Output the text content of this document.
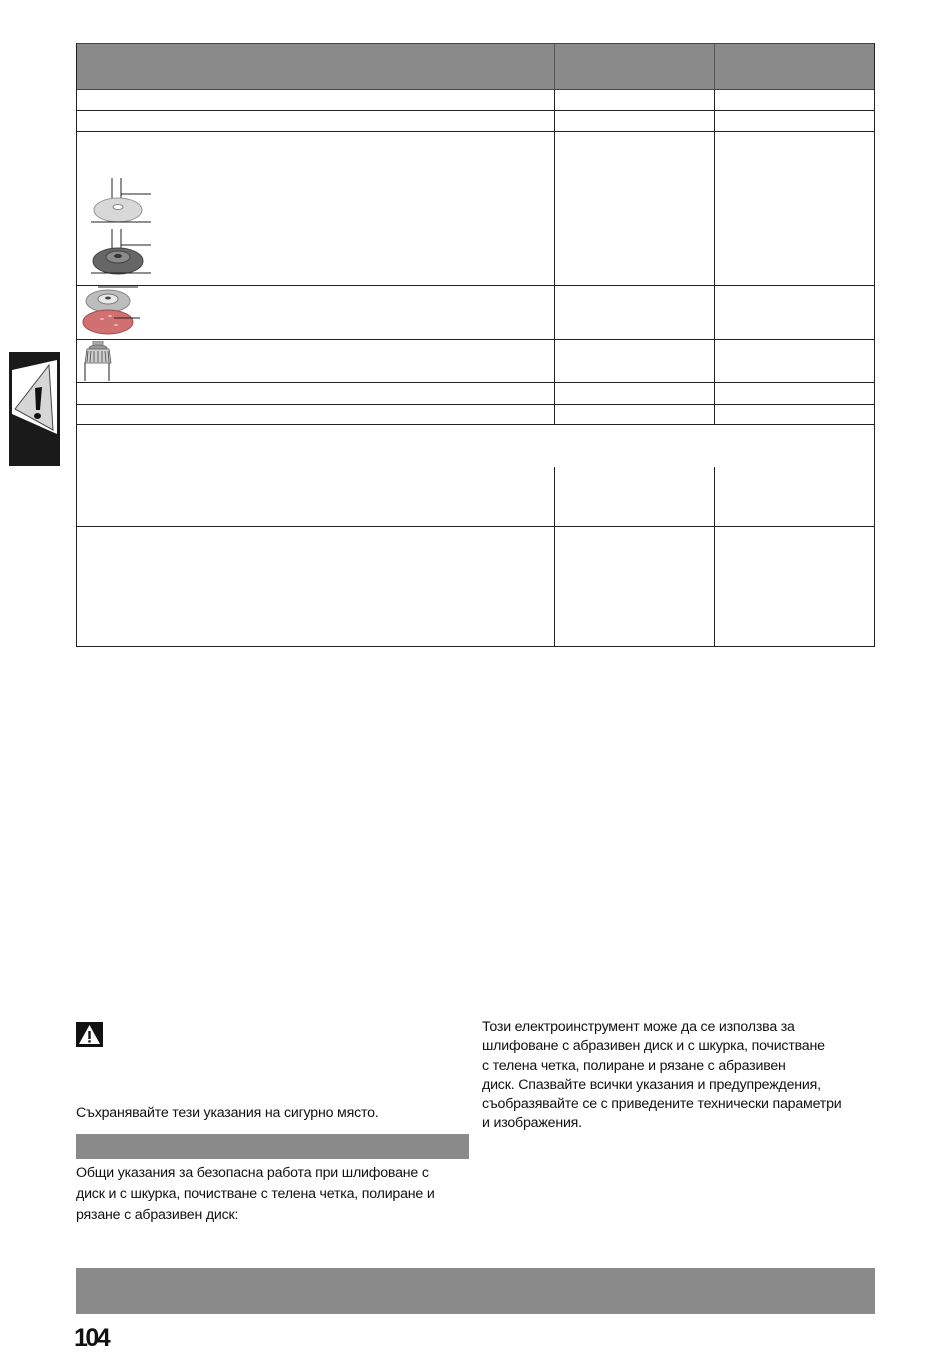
Съхранявайте тези указания на сигурно място.
Общи указания за безопасна работа при шлифоване с
диск и с шкурка, почистване с телена четка, полиране и
рязане с абразивен диск:
Този електроинструмент може да се използва за
шлифоване с абразивен диск и с шкурка, почистване
с телена четка, полиране и рязане с абразивен
диск. Спазвайте всички указания и предупреждения,
съобразявайте се с приведените технически параметри
и изображения.
104
